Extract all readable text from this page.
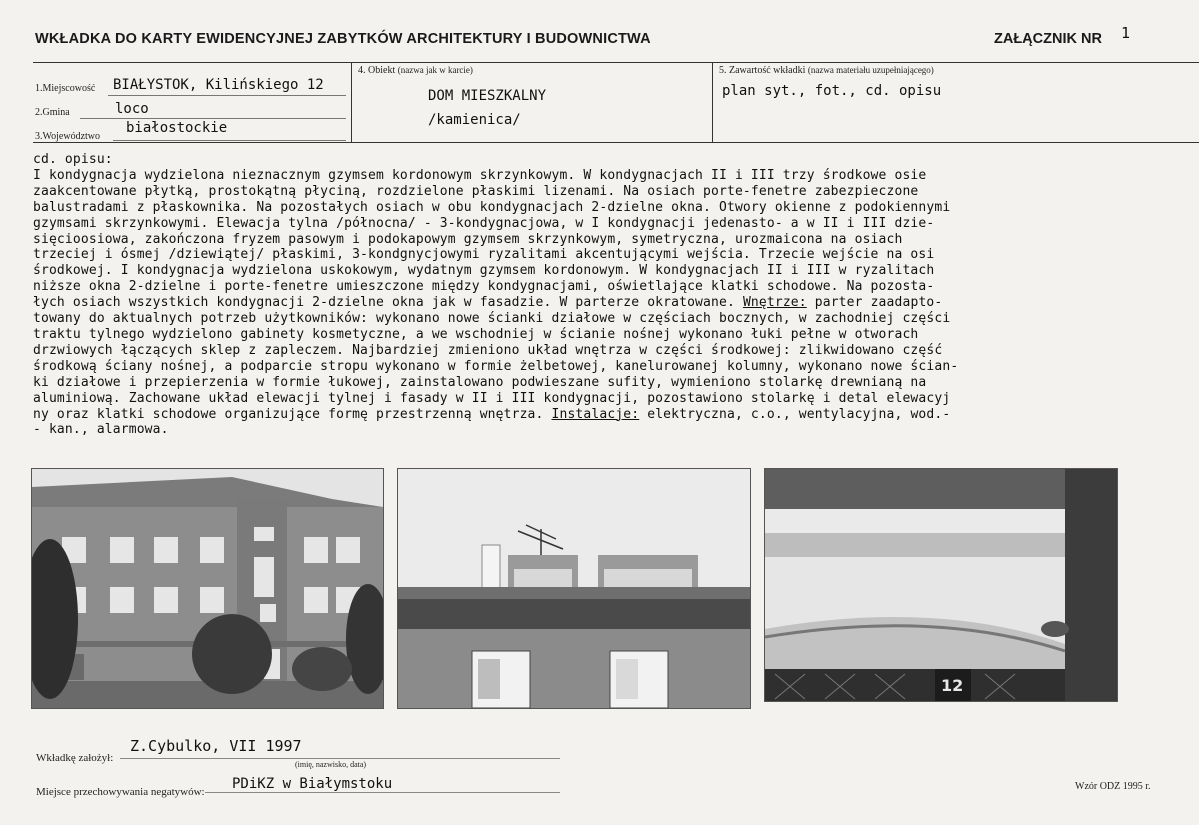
WKŁADKA DO KARTY EWIDENCYJNEJ ZABYTKÓW ARCHITEKTURY I BUDOWNICTWA	ZAŁĄCZNIK NR 1
1.Miejscowość BIAŁYSTOK, Kilińskiego 12
2.Gmina	loco
3.Województwo
białostockie
4. Obiekt (nazwa jak w karcie)
DOM MIESZKALNY
/kamienica/
5. Zawartość wkładki (nazwa materiału uzupełniającego)
plan syt., fot., cd. opisu
cd. opisu:
I kondygnacja wydzielona nieznacznym gzymsem kordonowym skrzynkowym. W kondygnacjach II i III trzy środkowe osie
zaakcentowane płytką, prostokątną płyciną, rozdzielone płaskimi lizenami. Na osiach porte-fenetre zabezpieczone
balustradami z płaskownika. Na pozostałych osiach w obu kondygnacjach 2-dzielne okna. Otwory okienne z podokiennymi
gzymsami skrzynkowymi. Elewacja tylna /północna/ - 3-kondygnacjowa, w I kondygnacji jedenasto- a w II i III dzie-
sięcioosiowa, zakończona fryzem pasowym i podokapowym gzymsem skrzynkowym, symetryczna, urozmaicona na osiach
trzeciej i ósmej /dziewiątej/ płaskimi, 3-kondgnycjowymi ryzalitami akcentującymi wejścia. Trzecie wejście na osi
środkowej. I kondygnacja wydzielona uskokowym, wydatnym gzymsem kordonowym. W kondygnacjach II i III w ryzalitach
niższe okna 2-dzielne i porte-fenetre umieszczone między kondygnacjami, oświetlające klatki schodowe. Na pozosta-
łych osiach wszystkich kondygnacji 2-dzielne okna jak w fasadzie. W parterze okratowane. Wnętrze: parter zaadapto-
towany do aktualnych potrzeb użytkowników: wykonano nowe ścianki działowe w częściach bocznych, w zachodniej części
traktu tylnego wydzielono gabinety kosmetyczne, a we wschodniej w ścianie nośnej wykonano łuki pełne w otworach
drzwiowych łączących sklep z zapleczem. Najbardziej zmieniono układ wnętrza w części środkowej: zlikwidowano część
środkową ściany nośnej, a podparcie stropu wykonano w formie żelbetowej, kanelurowanej kolumny, wykonano nowe ścian-
ki działowe i przepierzenia w formie łukowej, zainstalowano podwieszane sufity, wymieniono stolarkę drewnianą na
aluminiową. Zachowane układ elewacji tylnej i fasady w II i III kondygnacji, pozostawiono stolarkę i detal elewacyj
ny oraz klatki schodowe organizujące formę przestrzenną wnętrza. Instalacje: elektryczna, c.o., wentylacyjna, wod.-
- kan., alarmowa.
12
Wkładkę założył:
Z.Cybulko, VII 1997
(imię, nazwisko, data)
Miejsce przechowywania negatywów: PDiKZ w Białymstoku	Wzór ODZ 1995 r.
